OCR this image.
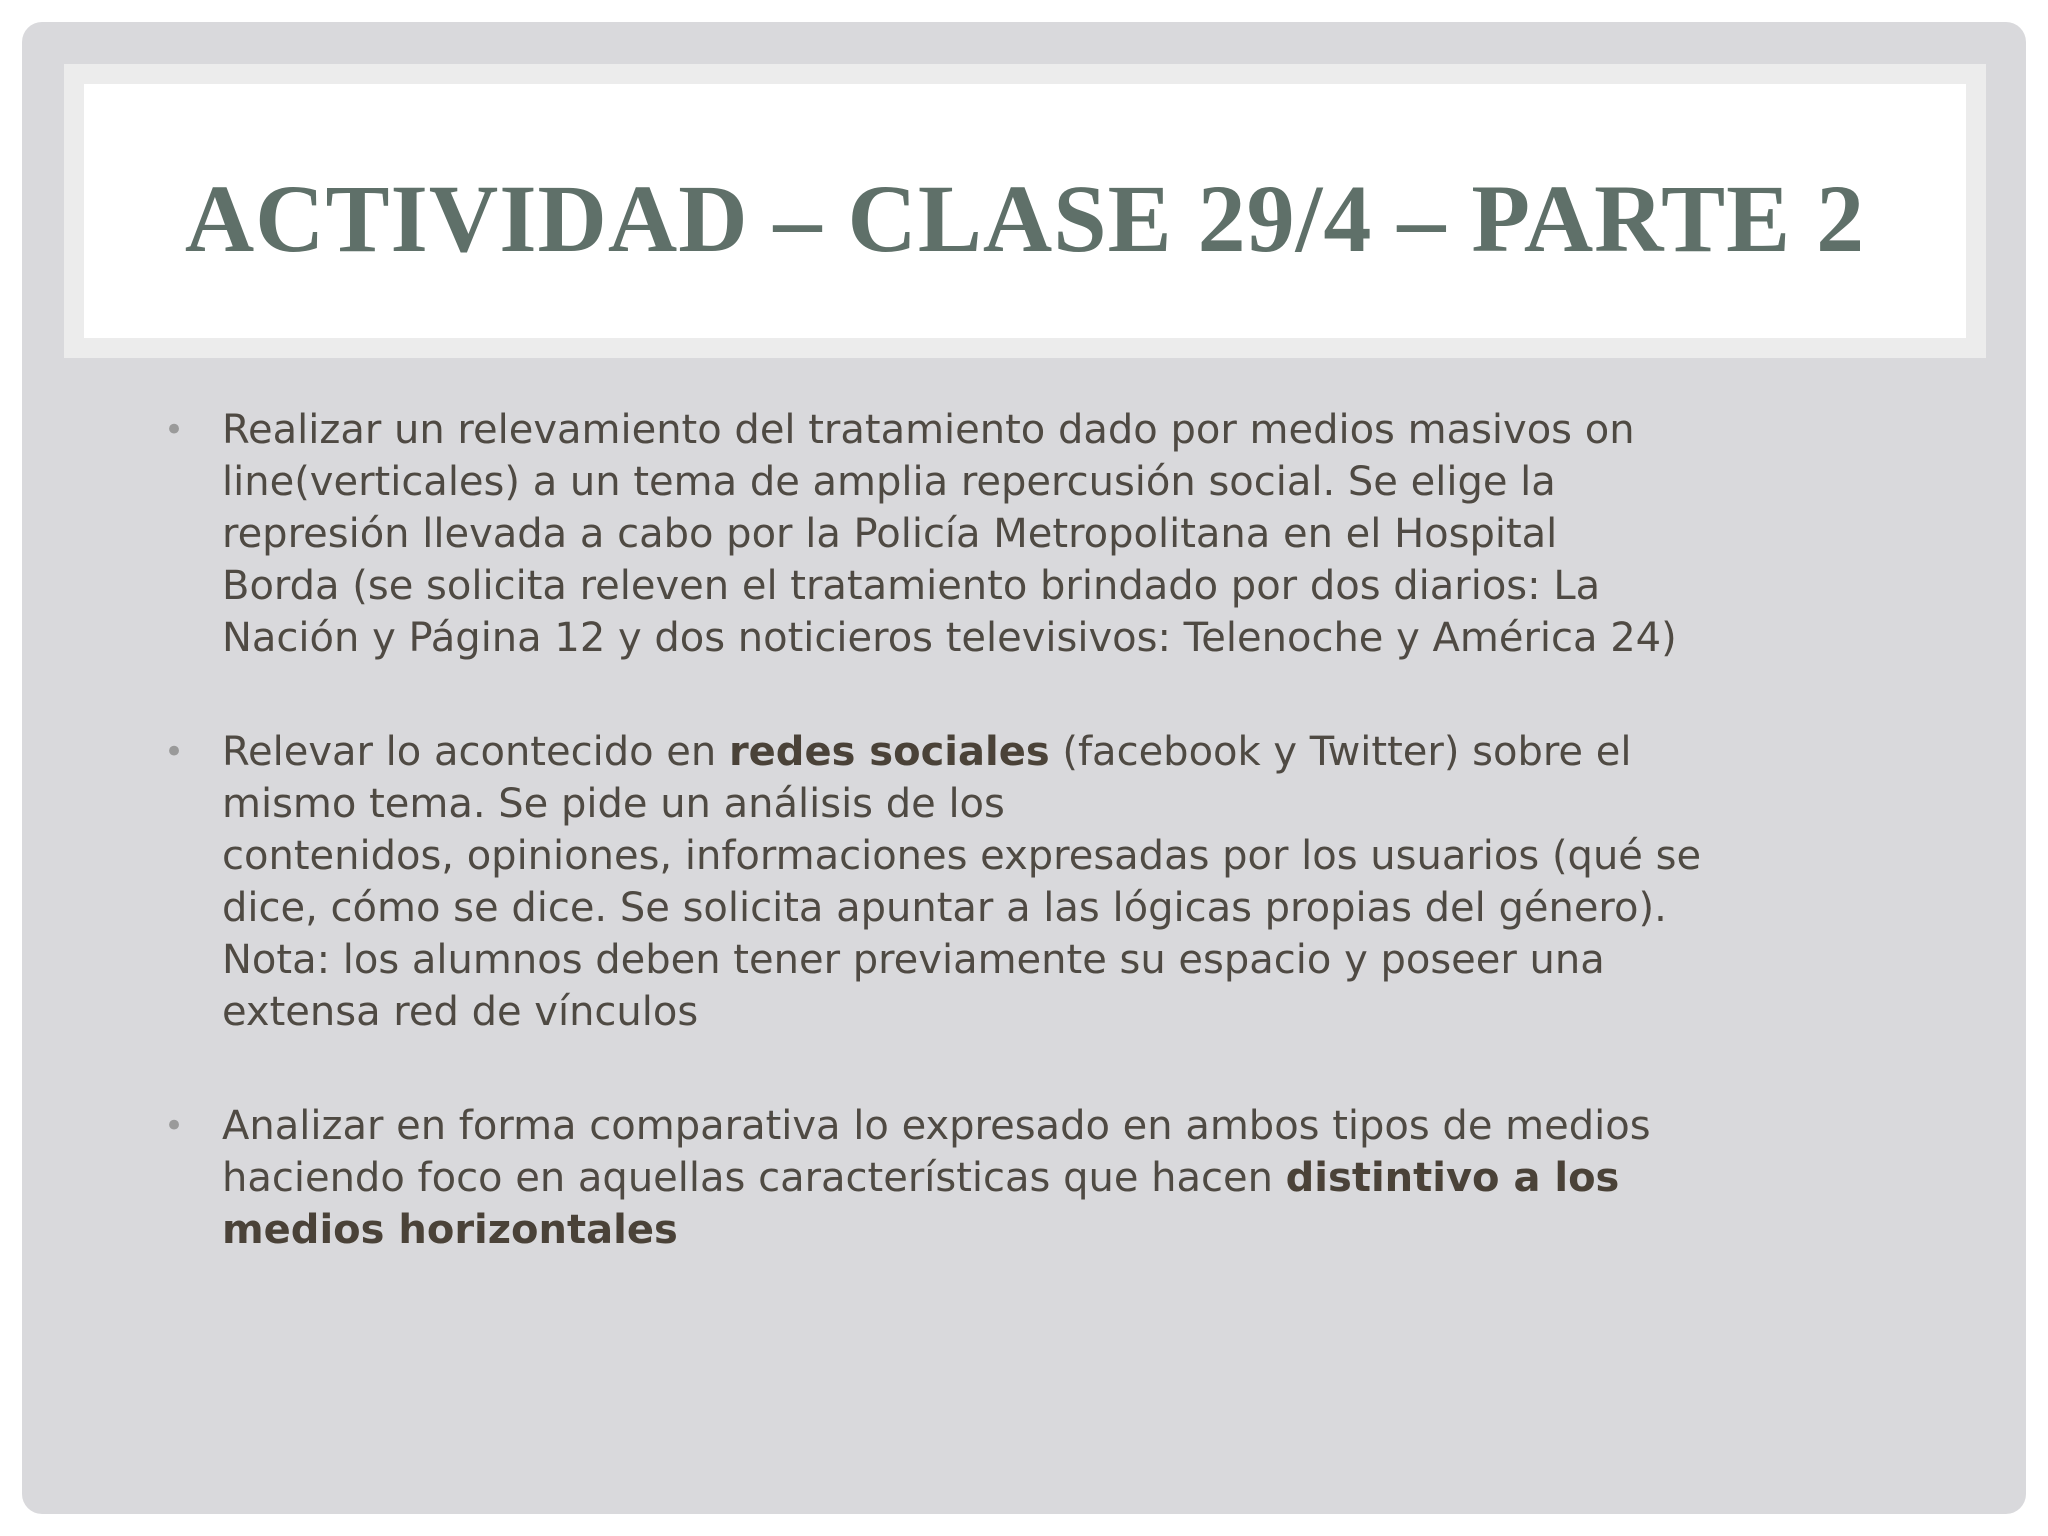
ACTIVIDAD – CLASE 29/4 – PARTE 2
• Realizar un relevamiento del tratamiento dado por medios masivos on
line(verticales) a un tema de amplia repercusión social. Se elige la
represión llevada a cabo por la Policía Metropolitana en el Hospital
Borda (se solicita releven el tratamiento brindado por dos diarios: La
Nación y Página 12 y dos noticieros televisivos: Telenoche y América 24)
• Relevar lo acontecido en redes sociales (facebook y Twitter) sobre el
mismo tema. Se pide un análisis de los
contenidos, opiniones, informaciones expresadas por los usuarios (qué se
dice, cómo se dice. Se solicita apuntar a las lógicas propias del género).
Nota: los alumnos deben tener previamente su espacio y poseer una
extensa red de vínculos
• Analizar en forma comparativa lo expresado en ambos tipos de medios
haciendo foco en aquellas características que hacen distintivo a los
medios horizontales
